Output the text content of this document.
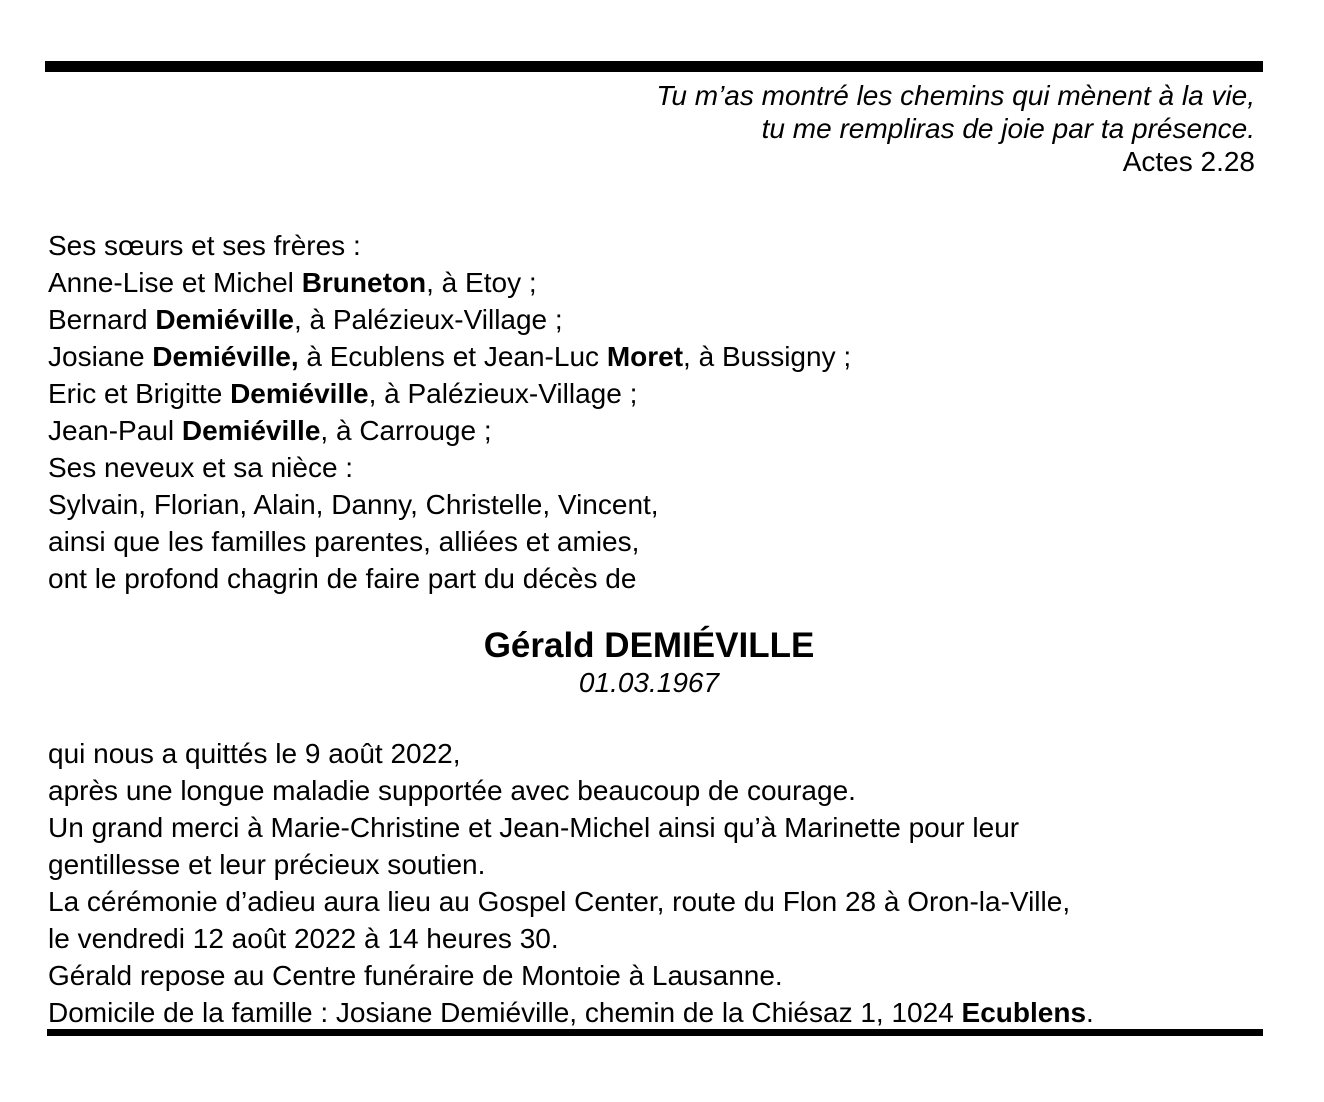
Tu m’as montré les chemins qui mènent à la vie,
tu me rempliras de joie par ta présence.
Actes 2.28
Ses sœurs et ses frères :
Anne-Lise et Michel Bruneton, à Etoy ;
Bernard Demiéville, à Palézieux-Village ;
Josiane Demiéville, à Ecublens et Jean-Luc Moret, à Bussigny ;
Eric et Brigitte Demiéville, à Palézieux-Village ;
Jean-Paul Demiéville, à Carrouge ;
Ses neveux et sa nièce :
Sylvain, Florian, Alain, Danny, Christelle, Vincent,
ainsi que les familles parentes, alliées et amies,
ont le profond chagrin de faire part du décès de
Gérald DEMIÉVILLE
01.03.1967
qui nous a quittés le 9 août 2022,
après une longue maladie supportée avec beaucoup de courage.
Un grand merci à Marie-Christine et Jean-Michel ainsi qu’à Marinette pour leur
gentillesse et leur précieux soutien.
La cérémonie d’adieu aura lieu au Gospel Center, route du Flon 28 à Oron-la-Ville,
le vendredi 12 août 2022 à 14 heures 30.
Gérald repose au Centre funéraire de Montoie à Lausanne.
Domicile de la famille : Josiane Demiéville, chemin de la Chiésaz 1, 1024 Ecublens.
